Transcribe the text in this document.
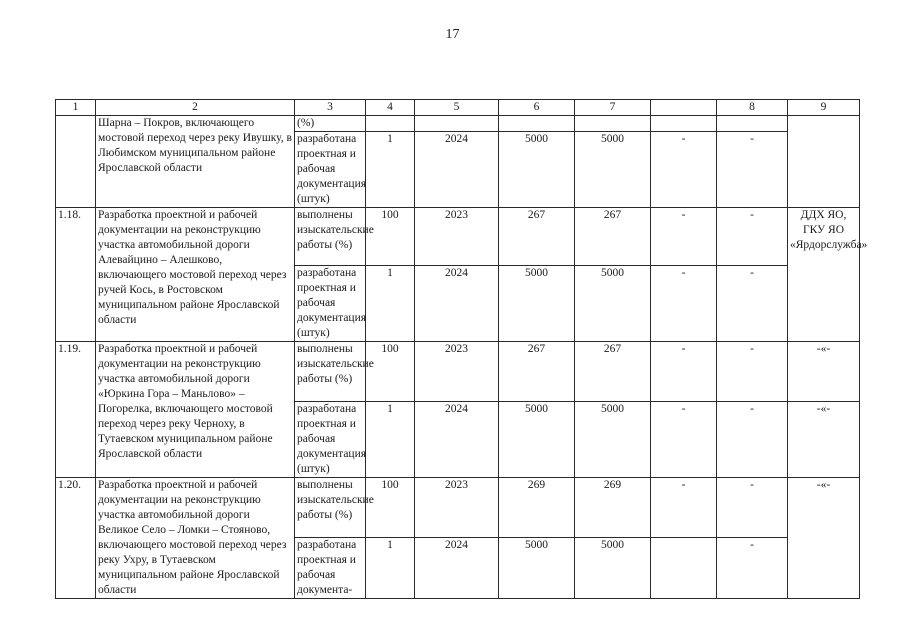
17
1	2	3	4	5	6	7		8	9
	Шарна – Покров, включающего мостовой переход через реку Ивушку, в Любимском муниципальном районе Ярославской области	(%)							
		разработана проектная и рабочая документация (штук)	1	2024	5000	5000	-	-	
1.18.	Разработка проектной и рабочей документации на реконструкцию участка автомобильной дороги Алевайцино – Алешково, включающего мостовой переход через ручей Кось, в Ростовском муниципальном районе Ярославской области	выполнены изыскательские работы (%)	100	2023	267	267	-	-	ДДХ ЯО, ГКУ ЯО «Ярдорслужба»
		разработана проектная и рабочая документация (штук)	1	2024	5000	5000	-	-	
1.19.	Разработка проектной и рабочей документации на реконструкцию участка автомобильной дороги «Юркина Гора – Маньлово» – Погорелка, включающего мостовой переход через реку Черноху, в Тутаевском муниципальном районе Ярославской области	выполнены изыскательские работы (%)	100	2023	267	267	-	-	-«-
		разработана проектная и рабочая документация (штук)	1	2024	5000	5000	-	-	-«-
1.20.	Разработка проектной и рабочей документации на реконструкцию участка автомобильной дороги Великое Село – Ломки – Стояново, включающего мостовой переход через реку Ухру, в Тутаевском муниципальном районе Ярославской области	выполнены изыскательские работы (%)	100	2023	269	269	-	-	-«-
		разработана проектная и рабочая документа-	1	2024	5000	5000		-	
